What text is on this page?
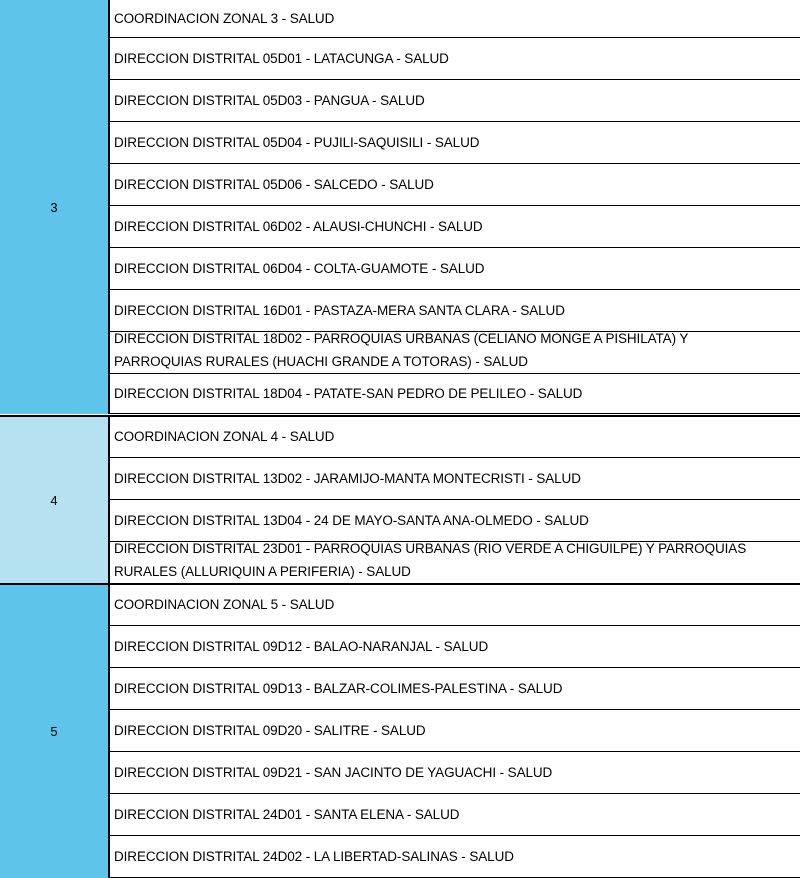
3
COORDINACION ZONAL 3 - SALUD
DIRECCION DISTRITAL 05D01 - LATACUNGA - SALUD
DIRECCION DISTRITAL 05D03 - PANGUA - SALUD
DIRECCION DISTRITAL 05D04 - PUJILI-SAQUISILI - SALUD
DIRECCION DISTRITAL 05D06 - SALCEDO - SALUD
DIRECCION DISTRITAL 06D02 - ALAUSI-CHUNCHI - SALUD
DIRECCION DISTRITAL 06D04 - COLTA-GUAMOTE - SALUD
DIRECCION DISTRITAL 16D01 - PASTAZA-MERA SANTA CLARA - SALUD
DIRECCION DISTRITAL 18D02 - PARROQUIAS URBANAS (CELIANO MONGE A PISHILATA) Y PARROQUIAS RURALES (HUACHI GRANDE A TOTORAS) - SALUD
DIRECCION DISTRITAL 18D04 - PATATE-SAN PEDRO DE PELILEO - SALUD
4
COORDINACION ZONAL 4 - SALUD
DIRECCION DISTRITAL 13D02 - JARAMIJO-MANTA MONTECRISTI - SALUD
DIRECCION DISTRITAL 13D04 - 24 DE MAYO-SANTA ANA-OLMEDO - SALUD
DIRECCION DISTRITAL 23D01 - PARROQUIAS URBANAS (RIO VERDE A CHIGUILPE) Y PARROQUIAS RURALES (ALLURIQUIN A PERIFERIA) - SALUD
5
COORDINACION ZONAL 5 - SALUD
DIRECCION DISTRITAL 09D12 - BALAO-NARANJAL - SALUD
DIRECCION DISTRITAL 09D13 - BALZAR-COLIMES-PALESTINA - SALUD
DIRECCION DISTRITAL 09D20 - SALITRE - SALUD
DIRECCION DISTRITAL 09D21 - SAN JACINTO DE YAGUACHI - SALUD
DIRECCION DISTRITAL 24D01 - SANTA ELENA - SALUD
DIRECCION DISTRITAL 24D02 - LA LIBERTAD-SALINAS - SALUD
